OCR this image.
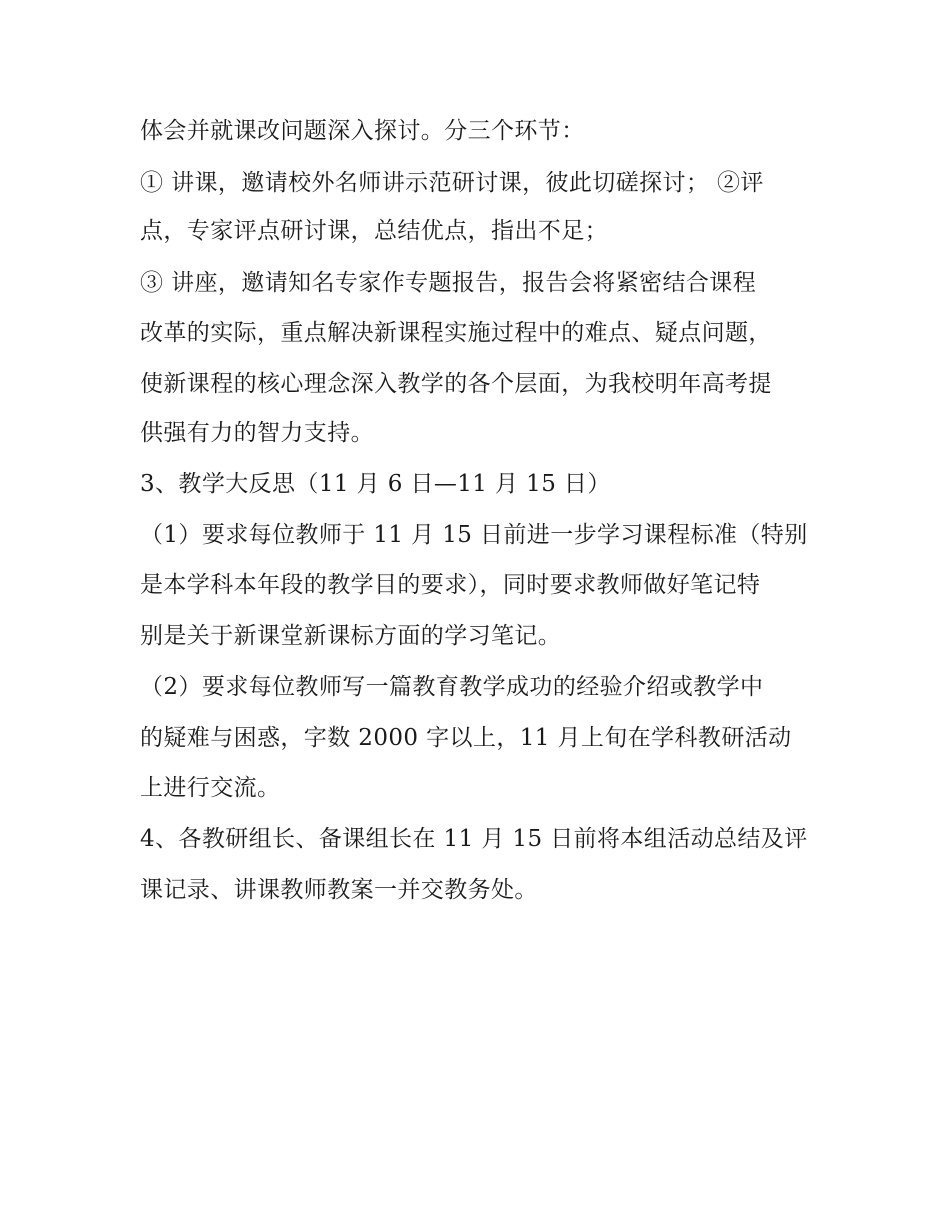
体会并就课改问题深入探讨。分三个环节：
① 讲课，邀请校外名师讲示范研讨课，彼此切磋探讨； ②评
点，专家评点研讨课，总结优点，指出不足；
③ 讲座，邀请知名专家作专题报告，报告会将紧密结合课程
改革的实际，重点解决新课程实施过程中的难点、疑点问题，
使新课程的核心理念深入教学的各个层面，为我校明年高考提
供强有力的智力支持。
3、教学大反思（11 月 6 日—11 月 15 日）
（1）要求每位教师于 11 月 15 日前进一步学习课程标准（特别
是本学科本年段的教学目的要求），同时要求教师做好笔记特
别是关于新课堂新课标方面的学习笔记。
（2）要求每位教师写一篇教育教学成功的经验介绍或教学中
的疑难与困惑，字数 2000 字以上，11 月上旬在学科教研活动
上进行交流。
4、各教研组长、备课组长在 11 月 15 日前将本组活动总结及评
课记录、讲课教师教案一并交教务处。
